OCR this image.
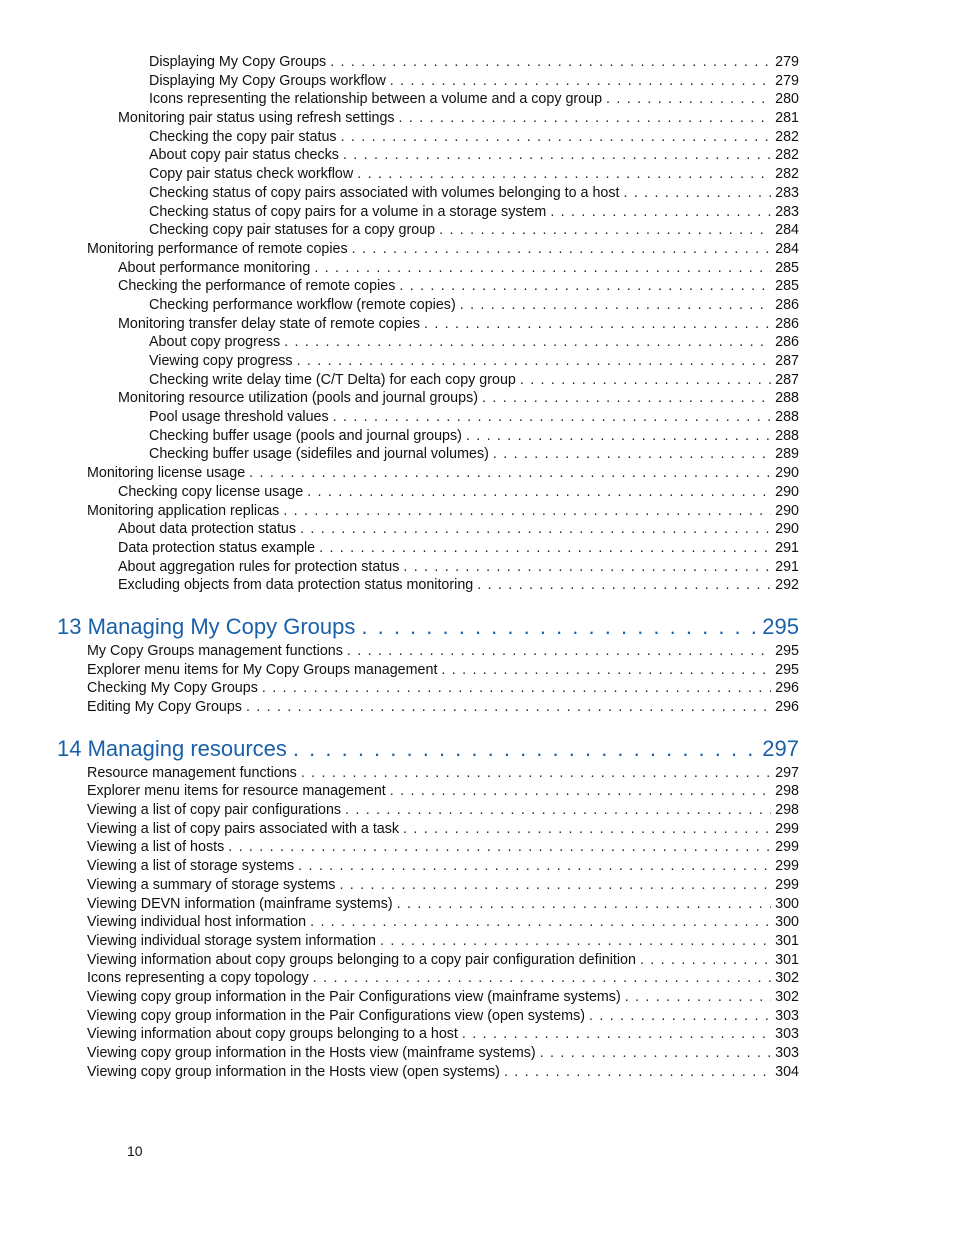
Displaying My Copy Groups . . .	279
Displaying My Copy Groups workflow . . .	279
Icons representing the relationship between a volume and a copy group . . .	280
Monitoring pair status using refresh settings . . .	281
Checking the copy pair status . . .	282
About copy pair status checks . . .	282
Copy pair status check workflow . . .	282
Checking status of copy pairs associated with volumes belonging to a host . . .	283
Checking status of copy pairs for a volume in a storage system . . .	283
Checking copy pair statuses for a copy group . . .	284
Monitoring performance of remote copies . . .	284
About performance monitoring . . .	285
Checking the performance of remote copies . . .	285
Checking performance workflow (remote copies) . . .	286
Monitoring transfer delay state of remote copies . . .	286
About copy progress . . .	286
Viewing copy progress . . .	287
Checking write delay time (C/T Delta) for each copy group . . .	287
Monitoring resource utilization (pools and journal groups) . . .	288
Pool usage threshold values . . .	288
Checking buffer usage (pools and journal groups) . . .	288
Checking buffer usage (sidefiles and journal volumes) . . .	289
Monitoring license usage . . .	290
Checking copy license usage . . .	290
Monitoring application replicas . . .	290
About data protection status . . .	290
Data protection status example . . .	291
About aggregation rules for protection status . . .	291
Excluding objects from data protection status monitoring . . .	292
13 Managing My Copy Groups . . .	295
My Copy Groups management functions . . .	295
Explorer menu items for My Copy Groups management . . .	295
Checking My Copy Groups . . .	296
Editing My Copy Groups . . .	296
14 Managing resources . . .	297
Resource management functions . . .	297
Explorer menu items for resource management . . .	298
Viewing a list of copy pair configurations . . .	298
Viewing a list of copy pairs associated with a task . . .	299
Viewing a list of hosts . . .	299
Viewing a list of storage systems . . .	299
Viewing a summary of storage systems . . .	299
Viewing DEVN information (mainframe systems) . . .	300
Viewing individual host information . . .	300
Viewing individual storage system information . . .	301
Viewing information about copy groups belonging to a copy pair configuration definition . . .	301
Icons representing a copy topology . . .	302
Viewing copy group information in the Pair Configurations view (mainframe systems) . . .	302
Viewing copy group information in the Pair Configurations view (open systems) . . .	303
Viewing information about copy groups belonging to a host . . .	303
Viewing copy group information in the Hosts view (mainframe systems) . . .	303
Viewing copy group information in the Hosts view (open systems) . . .	304
10
